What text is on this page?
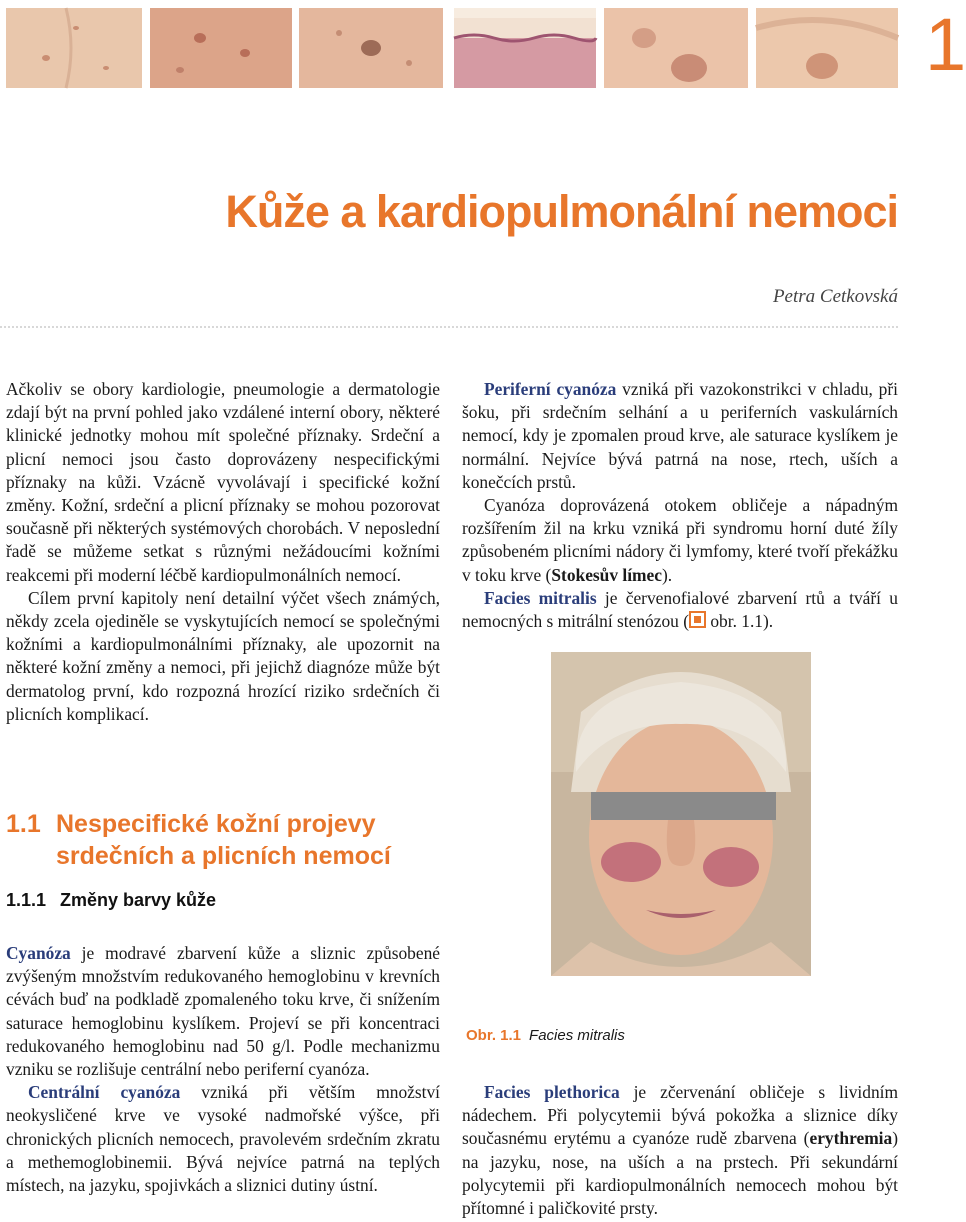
1
Kůže a kardiopulmonální nemoci
Petra Cetkovská

Ačkoliv se obory kardiologie, pneumologie a dermatologie zdají být na první pohled jako vzdálené interní obory, některé klinické jednotky mohou mít společné příznaky. Srdeční a plicní nemoci jsou často doprovázeny nespecifickými příznaky na kůži. Vzácně vyvolávají i specifické kožní změny. Kožní, srdeční a plicní příznaky se mohou pozorovat současně při některých systémových chorobách. V neposlední řadě se můžeme setkat s různými nežádoucími kožními reakcemi při moderní léčbě kardiopulmonálních nemocí.

Cílem první kapitoly není detailní výčet všech známých, někdy zcela ojediněle se vyskytujících nemocí se společnými kožními a kardiopulmonálními příznaky, ale upozornit na některé kožní změny a nemoci, při jejichž diagnóze může být dermatolog první, kdo rozpozná hrozící riziko srdečních či plicních komplikací.

1.1 Nespecifické kožní projevy
srdečních a plicních nemocí
1.1.1 Změny barvy kůže

Cyanóza je modravé zbarvení kůže a sliznic způsobené zvýšeným množstvím redukovaného hemoglobinu v krevních cévách buď na podkladě zpomaleného toku krve, či snížením saturace hemoglobinu kyslíkem. Projeví se při koncentraci redukovaného hemoglobinu nad 50 g/l. Podle mechanizmu vzniku se rozlišuje centrální nebo periferní cyanóza.

Centrální cyanóza vzniká při větším množství neokysličené krve ve vysoké nadmořské výšce, při chronických plicních nemocech, pravolevém srdečním zkratu a methemoglobinemii. Bývá nejvíce patrná na teplých místech, na jazyku, spojivkách a sliznici dutiny ústní.

Periferní cyanóza vzniká při vazokonstrikci v chladu, při šoku, při srdečním selhání a u periferních vaskulárních nemocí, kdy je zpomalen proud krve, ale saturace kyslíkem je normální. Nejvíce bývá patrná na nose, rtech, uších a konečcích prstů.

Cyanóza doprovázená otokem obličeje a nápadným rozšířením žil na krku vzniká při syndromu horní duté žíly způsobeném plicními nádory či lymfomy, které tvoří překážku v toku krve (Stokesův límec).

Facies mitralis je červenofialové zbarvení rtů a tváří u nemocných s mitrální stenózou ( obr. 1.1).

Obr. 1.1 Facies mitralis

Facies plethorica je zčervenání obličeje s lividním nádechem. Při polycytemii bývá pokožka a sliznice díky současnému erytému a cyanóze rudě zbarvena (erythremia) na jazyku, nose, na uších a na prstech. Při sekundární polycytemii při kardiopulmonálních nemocech mohou být přítomné i paličkovité prsty.
